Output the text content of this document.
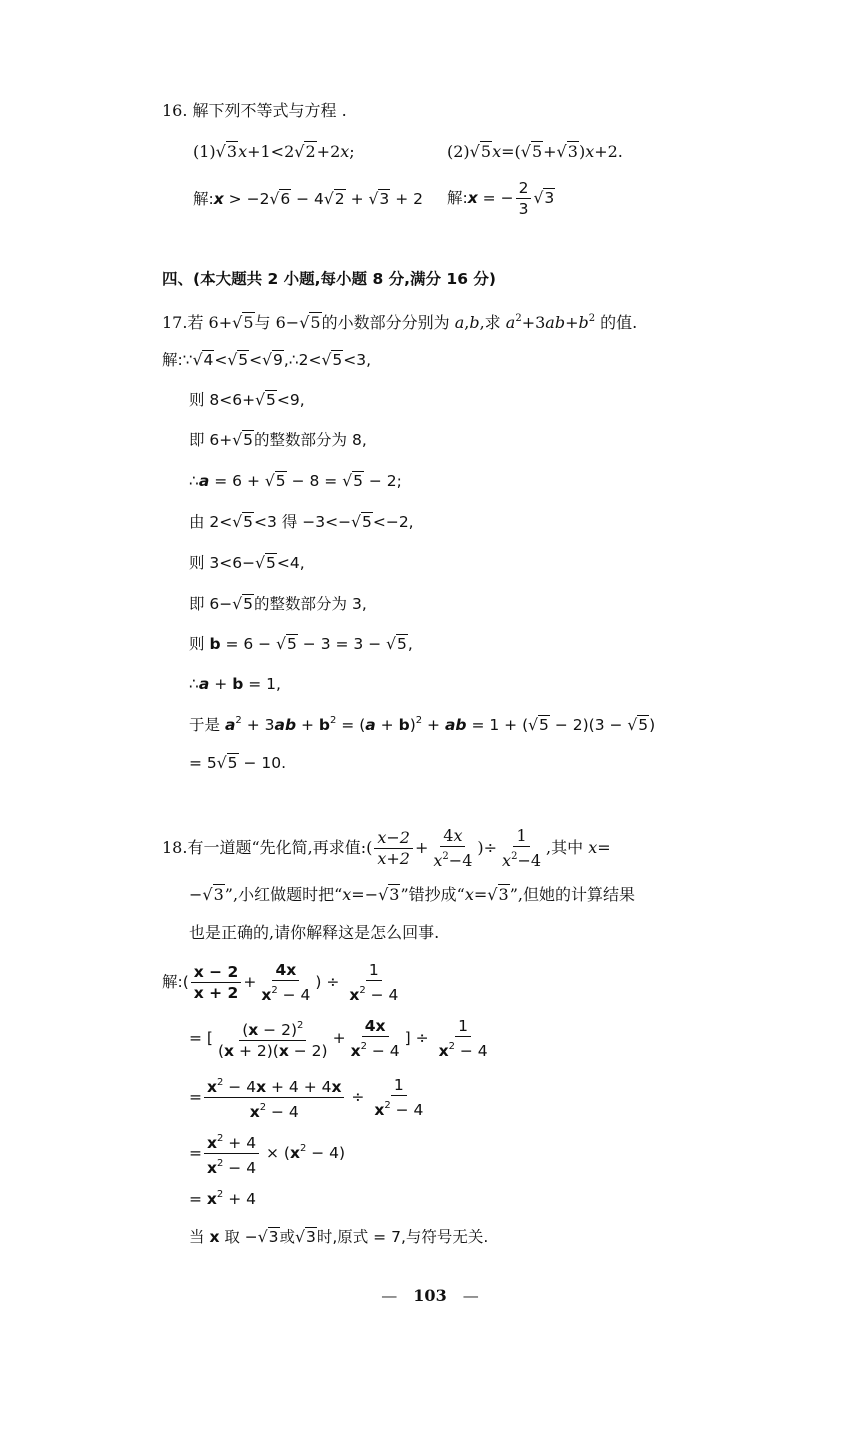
16. 解下列不等式与方程 .
(1) √ 3x+1<2 √ 2+2x;	(2) √ 5x=( √ 5+ √ 3)x+2.
解:x > −2 √ 6 − 4 √ 2 + √ 3 + 2 解:x = − $\frac{2}{3}$ √ 3
四、(本大题共 2 小题,每小题 8 分,满分 16 分)
17.若 6+ √ 5与 6− √ 5的小数部分分别为 a,b,求 $a^2+3ab+b^2$ 的值.
解:∵ √ 4< √ 5< √ 9,∴2< √ 5<3,
则 8<6+ √ 5<9,
即 6+ √ 5的整数部分为 8,
∴a = 6 + √ 5 − 8 = √ 5 − 2;
由 2< √ 5<3 得 −3<− √ 5<−2,
则 3<6− √ 5<4,
即 6− √ 5的整数部分为 3,
则 b = 6 − √ 5 − 3 = 3 − √ 5,
∴a + b = 1,
于是 $a^2 + 3ab + b^2 = (a + b)^2$ + ab = 1 + ( √ 5 − 2)(3 − √ 5)
= 5 √ 5 − 10.
18.有一道题“先化简,再求值:( $\frac{x-2}{x+2} + \frac{4x}{x^2-4}$ )÷ $\frac{1}{x^2-4}$ ,其中 x=
− √ 3”,小红做题时把“x=− √ 3”错抄成“x= √ 3”,但她的计算结果
也是正确的,请你解释这是怎么回事.
解:( $\frac{x - 2}{x + 2} + \frac{4x}{x^2 - 4}$ ) ÷ $\frac{1}{x^2 - 4}$
= [ $\frac{(x - 2)^2}{(x + 2)(x - 2)} + \frac{4x}{x^2 - 4}$ ] ÷ $\frac{1}{x^2 - 4}$
= $\frac{x^2 - 4x + 4 + 4x}{x^2 - 4} \div \frac{1}{x^2 - 4}$
= $\frac{x^2 + 4}{x^2 - 4} \times (x^2 - 4)$
= $x^2 + 4$
当 x 取 − √ 3或 √ 3时,原式 = 7,与符号无关.
— 103 —
